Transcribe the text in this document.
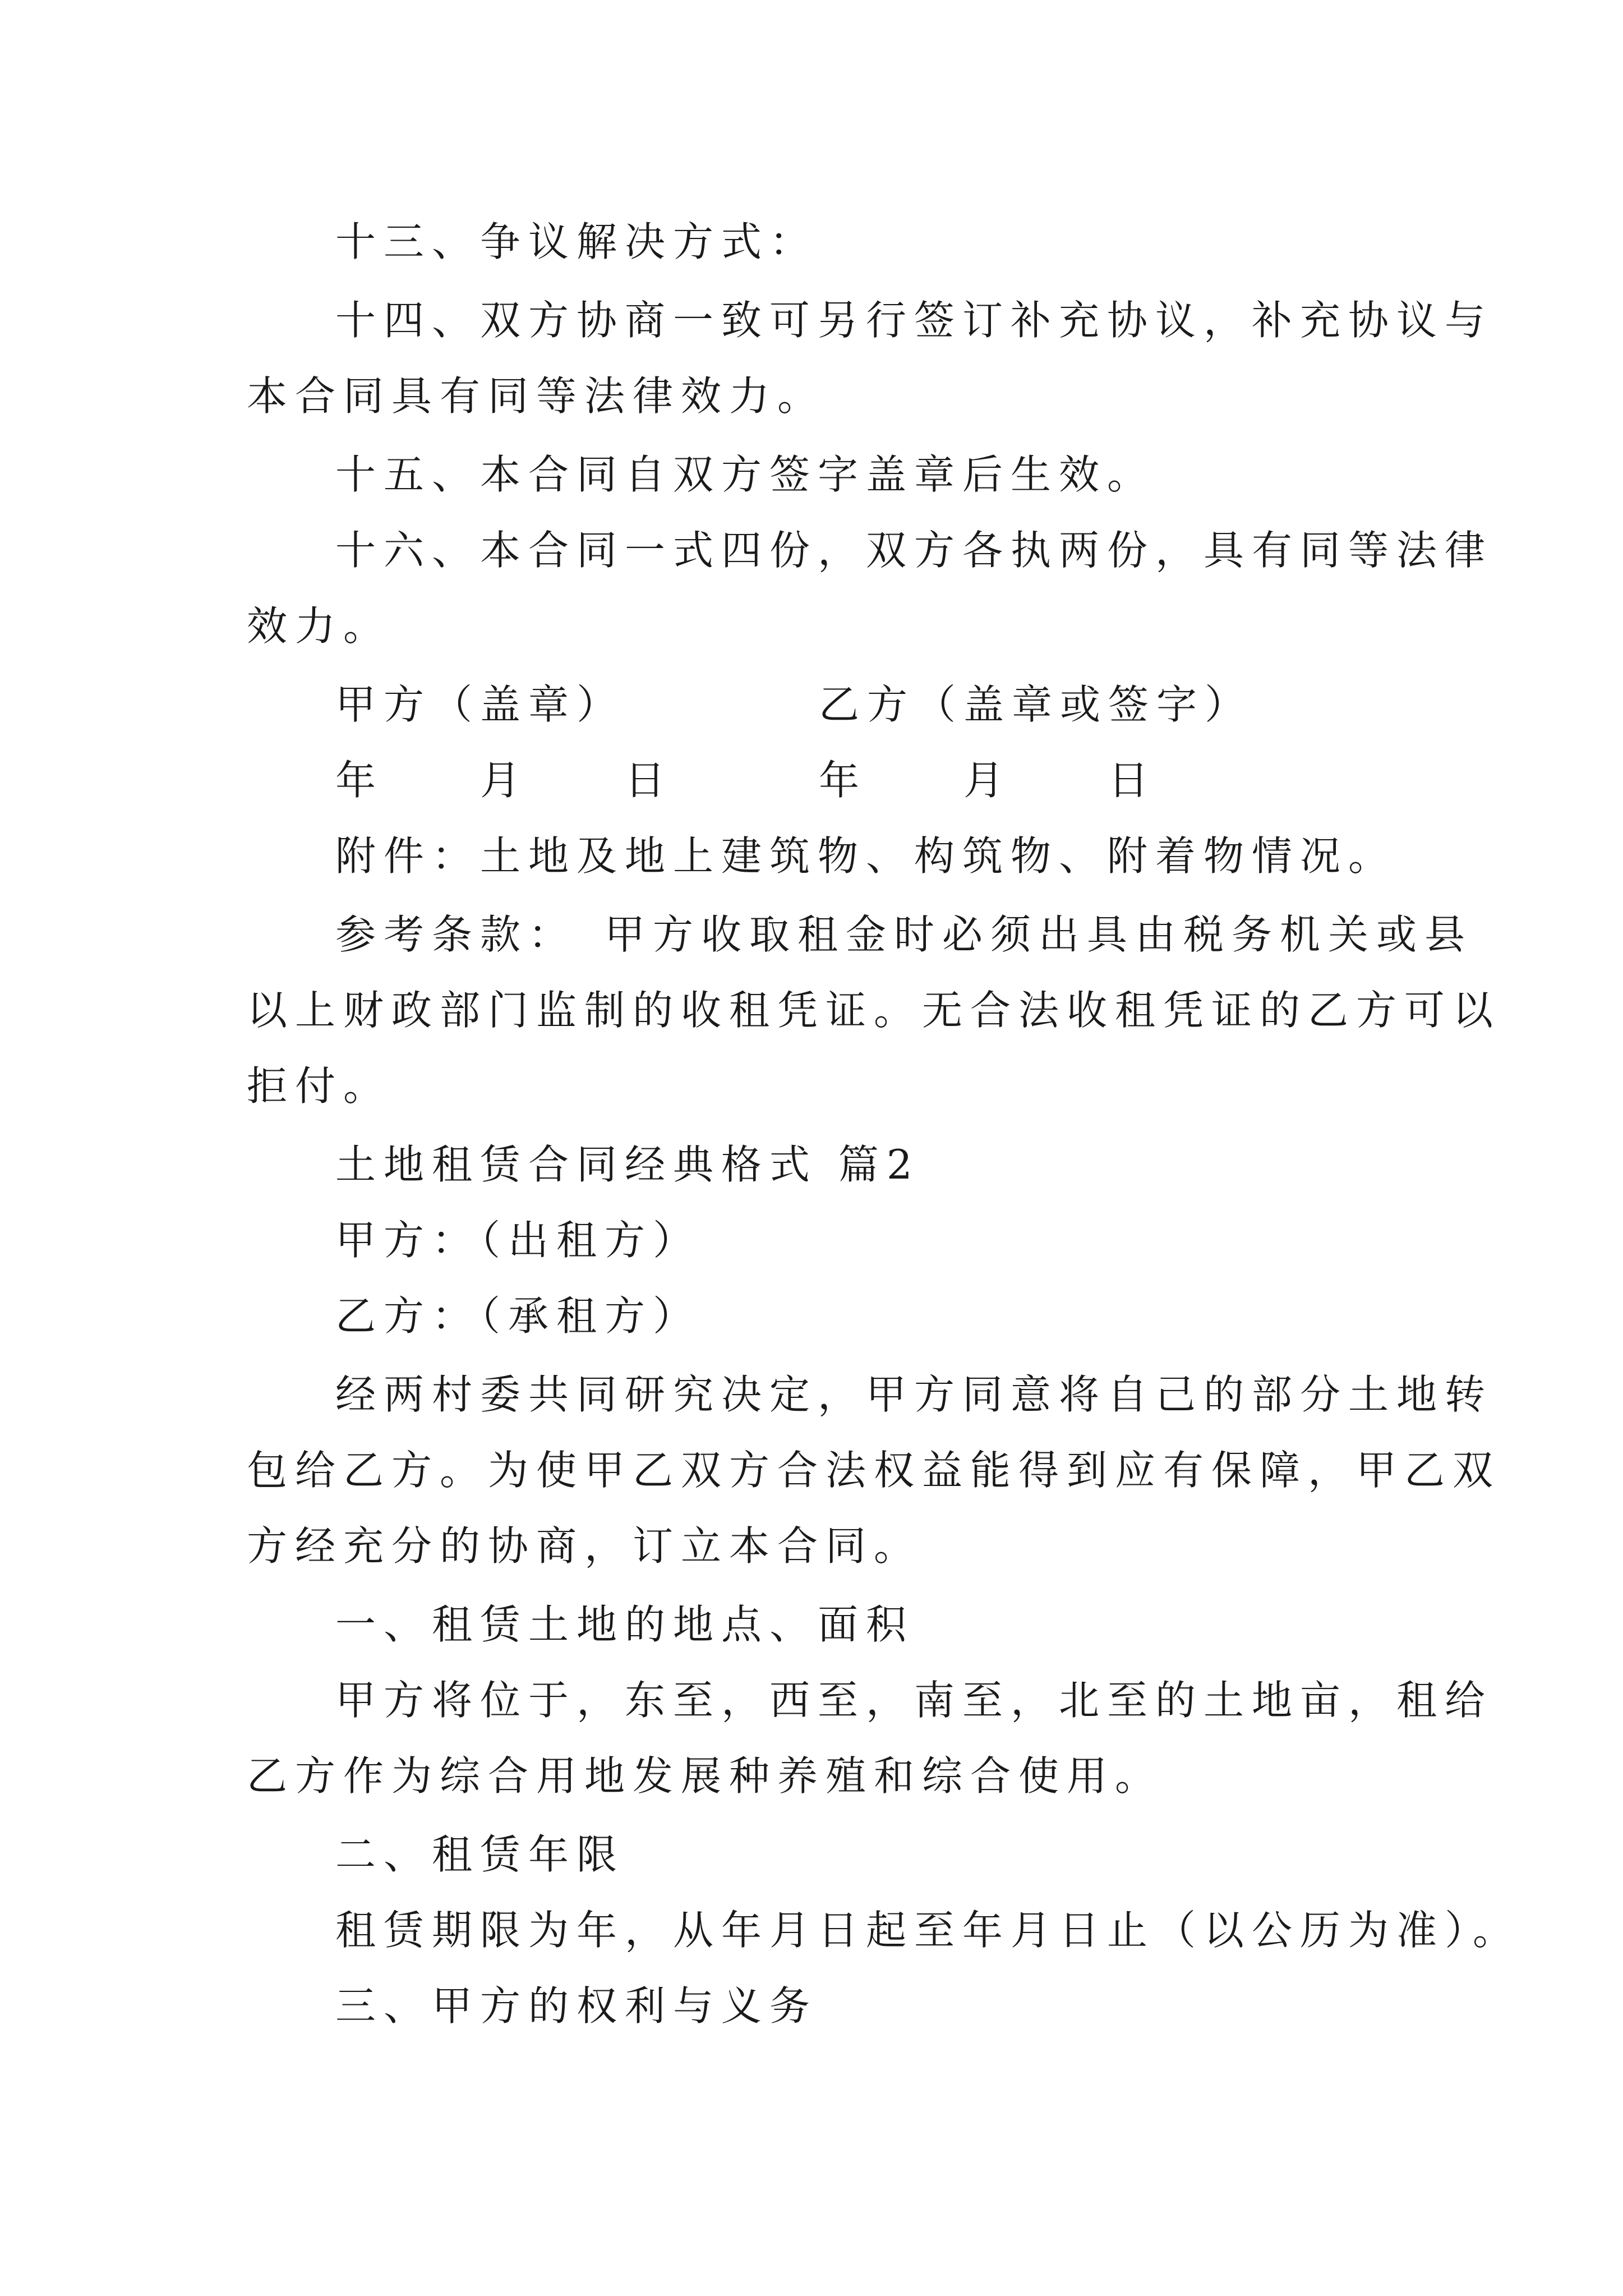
十三、争议解决方式：
十四、双方协商一致可另行签订补充协议，补充协议与
本合同具有同等法律效力。
十五、本合同自双方签字盖章后生效。
十六、本合同一式四份，双方各执两份，具有同等法律
效力。
甲方（盖章）	乙方（盖章或签字）
年　　月　　日	年　　月　　日
附件：土地及地上建筑物、构筑物、附着物情况。
参考条款：　甲方收取租金时必须出具由税务机关或县
以上财政部门监制的收租凭证。无合法收租凭证的乙方可以
拒付。
土地租赁合同经典格式 篇2
甲方：（出租方）
乙方：（承租方）
经两村委共同研究决定，甲方同意将自己的部分土地转
包给乙方。为使甲乙双方合法权益能得到应有保障，甲乙双
方经充分的协商，订立本合同。
一、租赁土地的地点、面积
甲方将位于，东至，西至，南至，北至的土地亩，租给
乙方作为综合用地发展种养殖和综合使用。
二、租赁年限
租赁期限为年，从年月日起至年月日止（以公历为准）。
三、甲方的权利与义务
